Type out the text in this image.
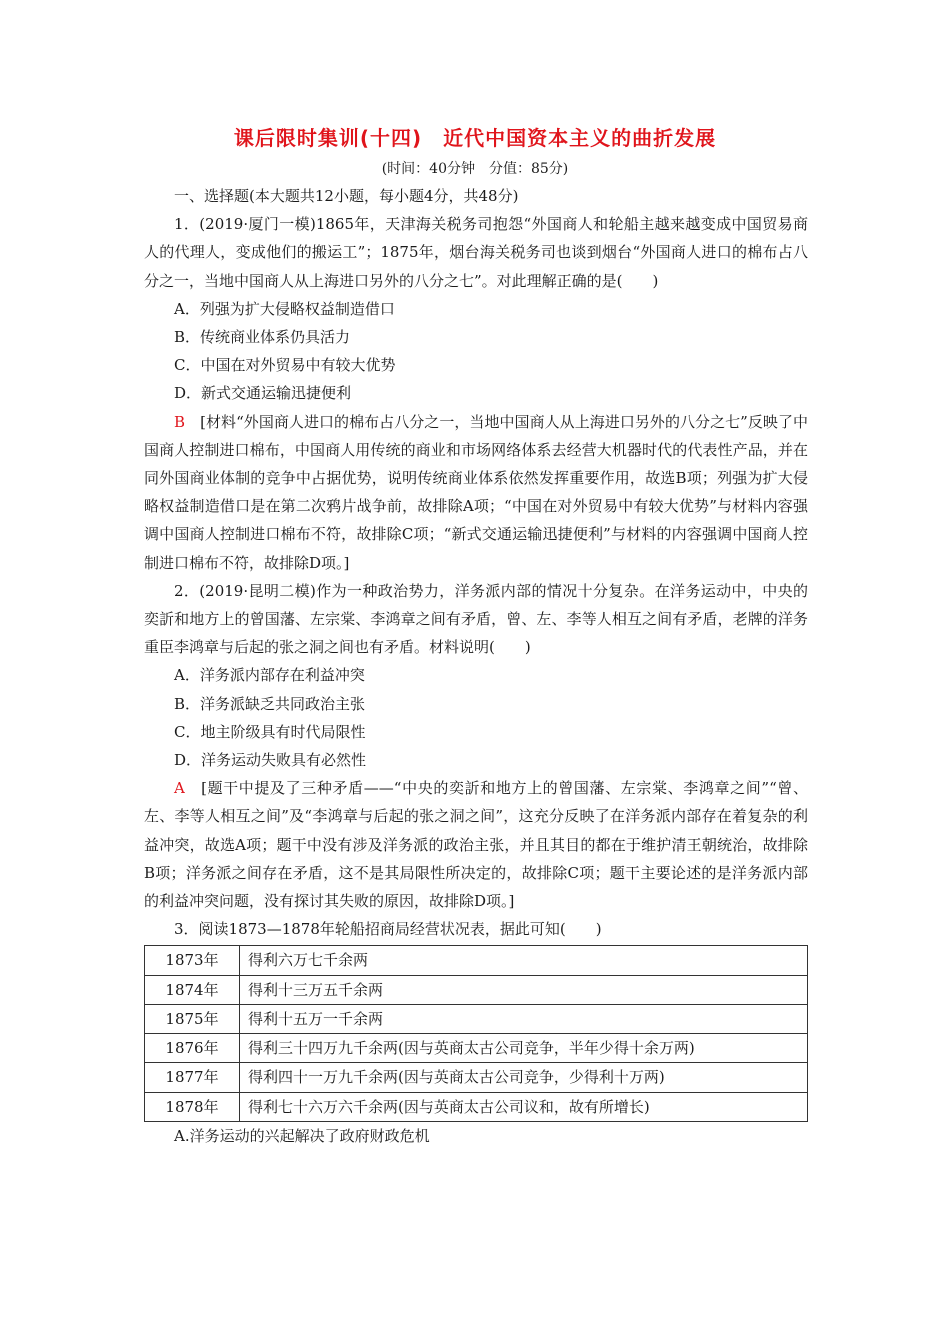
课后限时集训(十四)　近代中国资本主义的曲折发展
(时间：40分钟　分值：85分)

一、选择题(本大题共12小题，每小题4分，共48分)

1．(2019·厦门一模)1865年，天津海关税务司抱怨“外国商人和轮船主越来越变成中国贸易商人的代理人，变成他们的搬运工”；1875年，烟台海关税务司也谈到烟台“外国商人进口的棉布占八分之一，当地中国商人从上海进口另外的八分之七”。对此理解正确的是(　　)

A．列强为扩大侵略权益制造借口

B．传统商业体系仍具活力

C．中国在对外贸易中有较大优势

D．新式交通运输迅捷便利

B　[材料“外国商人进口的棉布占八分之一，当地中国商人从上海进口另外的八分之七”反映了中国商人控制进口棉布，中国商人用传统的商业和市场网络体系去经营大机器时代的代表性产品，并在同外国商业体制的竞争中占据优势，说明传统商业体系依然发挥重要作用，故选B项；列强为扩大侵略权益制造借口是在第二次鸦片战争前，故排除A项；“中国在对外贸易中有较大优势”与材料内容强调中国商人控制进口棉布不符，故排除C项；“新式交通运输迅捷便利”与材料的内容强调中国商人控制进口棉布不符，故排除D项。]

2．(2019·昆明二模)作为一种政治势力，洋务派内部的情况十分复杂。在洋务运动中，中央的奕訢和地方上的曾国藩、左宗棠、李鸿章之间有矛盾，曾、左、李等人相互之间有矛盾，老牌的洋务重臣李鸿章与后起的张之洞之间也有矛盾。材料说明(　　)

A．洋务派内部存在利益冲突

B．洋务派缺乏共同政治主张

C．地主阶级具有时代局限性

D．洋务运动失败具有必然性

A　[题干中提及了三种矛盾——“中央的奕訢和地方上的曾国藩、左宗棠、李鸿章之间”“曾、左、李等人相互之间”及“李鸿章与后起的张之洞之间”，这充分反映了在洋务派内部存在着复杂的利益冲突，故选A项；题干中没有涉及洋务派的政治主张，并且其目的都在于维护清王朝统治，故排除B项；洋务派之间存在矛盾，这不是其局限性所决定的，故排除C项；题干主要论述的是洋务派内部的利益冲突问题，没有探讨其失败的原因，故排除D项。]

3．阅读1873—1878年轮船招商局经营状况表，据此可知(　　)

1873年	得利六万七千余两
1874年	得利十三万五千余两
1875年	得利十五万一千余两
1876年	得利三十四万九千余两(因与英商太古公司竞争，半年少得十余万两)
1877年	得利四十一万九千余两(因与英商太古公司竞争，少得利十万两)
1878年	得利七十六万六千余两(因与英商太古公司议和，故有所增长)

A.洋务运动的兴起解决了政府财政危机
